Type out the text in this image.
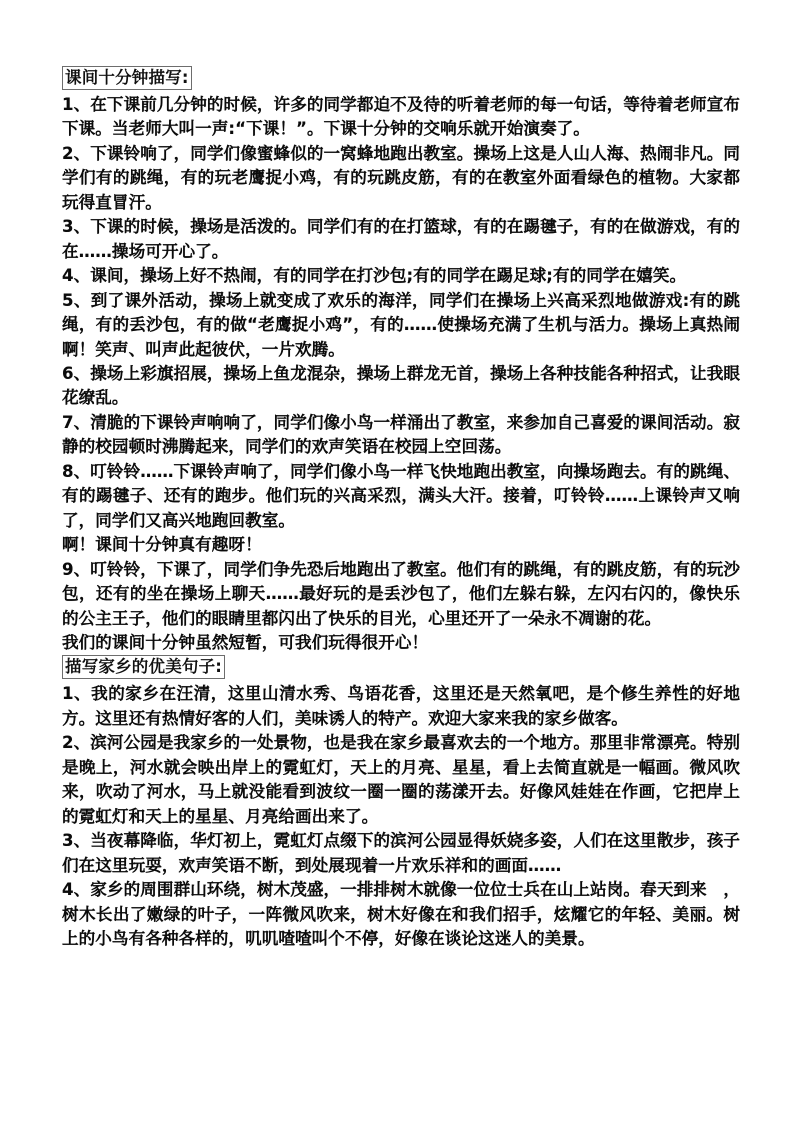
课间十分钟描写:

1、在下课前几分钟的时候，许多的同学都迫不及待的听着老师的每一句话，等待着老师宣布下课。当老师大叫一声:“下课！”。下课十分钟的交响乐就开始演奏了。

2、下课铃响了，同学们像蜜蜂似的一窝蜂地跑出教室。操场上这是人山人海、热闹非凡。同学们有的跳绳，有的玩老鹰捉小鸡，有的玩跳皮筋，有的在教室外面看绿色的植物。大家都玩得直冒汗。

3、下课的时候，操场是活泼的。同学们有的在打篮球，有的在踢毽子，有的在做游戏，有的在……操场可开心了。

4、课间，操场上好不热闹，有的同学在打沙包;有的同学在踢足球;有的同学在嬉笑。

5、到了课外活动，操场上就变成了欢乐的海洋，同学们在操场上兴高采烈地做游戏:有的跳绳，有的丢沙包，有的做“老鹰捉小鸡”，有的……使操场充满了生机与活力。操场上真热闹啊！笑声、叫声此起彼伏，一片欢腾。

6、操场上彩旗招展，操场上鱼龙混杂，操场上群龙无首，操场上各种技能各种招式，让我眼花缭乱。

7、清脆的下课铃声响响了，同学们像小鸟一样涌出了教室，来参加自己喜爱的课间活动。寂静的校园顿时沸腾起来，同学们的欢声笑语在校园上空回荡。

8、叮铃铃……下课铃声响了，同学们像小鸟一样飞快地跑出教室，向操场跑去。有的跳绳、有的踢毽子、还有的跑步。他们玩的兴高采烈，满头大汗。接着，叮铃铃……上课铃声又响了，同学们又高兴地跑回教室。

啊！课间十分钟真有趣呀！

9、叮铃铃，下课了，同学们争先恐后地跑出了教室。他们有的跳绳，有的跳皮筋，有的玩沙包，还有的坐在操场上聊天……最好玩的是丢沙包了，他们左躲右躲，左闪右闪的，像快乐的公主王子，他们的眼睛里都闪出了快乐的目光，心里还开了一朵永不凋谢的花。

我们的课间十分钟虽然短暂，可我们玩得很开心！

描写家乡的优美句子:

1、我的家乡在汪清，这里山清水秀、鸟语花香，这里还是天然氧吧，是个修生养性的好地方。这里还有热情好客的人们，美味诱人的特产。欢迎大家来我的家乡做客。

2、滨河公园是我家乡的一处景物，也是我在家乡最喜欢去的一个地方。那里非常漂亮。特别是晚上，河水就会映出岸上的霓虹灯，天上的月亮、星星，看上去简直就是一幅画。微风吹来，吹动了河水，马上就没能看到波纹一圈一圈的荡漾开去。好像风娃娃在作画，它把岸上的霓虹灯和天上的星星、月亮给画出来了。

3、当夜幕降临，华灯初上，霓虹灯点缀下的滨河公园显得妖娆多姿，人们在这里散步，孩子们在这里玩耍，欢声笑语不断，到处展现着一片欢乐祥和的画面……

4、家乡的周围群山环绕，树木茂盛，一排排树木就像一位位士兵在山上站岗。春天到来　，树木长出了嫩绿的叶子，一阵微风吹来，树木好像在和我们招手，炫耀它的年轻、美丽。树上的小鸟有各种各样的，叽叽喳喳叫个不停，好像在谈论这迷人的美景。
